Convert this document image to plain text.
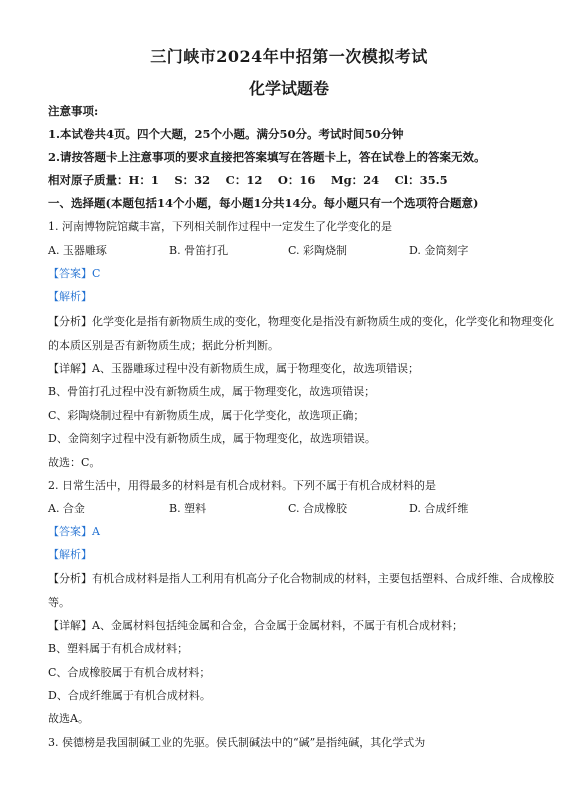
三门峡市2024年中招第一次模拟考试
化学试题卷
注意事项:
1.本试卷共4页。四个大题，25个小题。满分50分。考试时间50分钟
2.请按答题卡上注意事项的要求直接把答案填写在答题卡上，答在试卷上的答案无效。
相对原子质量：H：1　 S：32　 C：12　 O：16　 Mg：24　 Cl：35.5
一、选择题(本题包括14个小题，每小题1分共14分。每小题只有一个选项符合题意)
1. 河南博物院馆藏丰富，下列相关制作过程中一定发生了化学变化的是
A. 玉器雕琢	B. 骨笛打孔	C. 彩陶烧制	D. 金筒刻字
【答案】C
【解析】
【分析】化学变化是指有新物质生成的变化，物理变化是指没有新物质生成的变化，化学变化和物理变化
的本质区别是否有新物质生成；据此分析判断。
【详解】A、玉器雕琢过程中没有新物质生成，属于物理变化，故选项错误；
B、骨笛打孔过程中没有新物质生成，属于物理变化，故选项错误；
C、彩陶烧制过程中有新物质生成，属于化学变化，故选项正确；
D、金筒刻字过程中没有新物质生成，属于物理变化，故选项错误。
故选：C。
2. 日常生活中，用得最多的材料是有机合成材料。下列不属于有机合成材料的是
A. 合金	B. 塑料	C. 合成橡胶	D. 合成纤维
【答案】A
【解析】
【分析】有机合成材料是指人工利用有机高分子化合物制成的材料，主要包括塑料、合成纤维、合成橡胶
等。
【详解】A、金属材料包括纯金属和合金，合金属于金属材料，不属于有机合成材料；
B、塑料属于有机合成材料；
C、合成橡胶属于有机合成材料；
D、合成纤维属于有机合成材料。
故选A。
3. 侯德榜是我国制碱工业的先驱。侯氏制碱法中的“碱”是指纯碱，其化学式为
